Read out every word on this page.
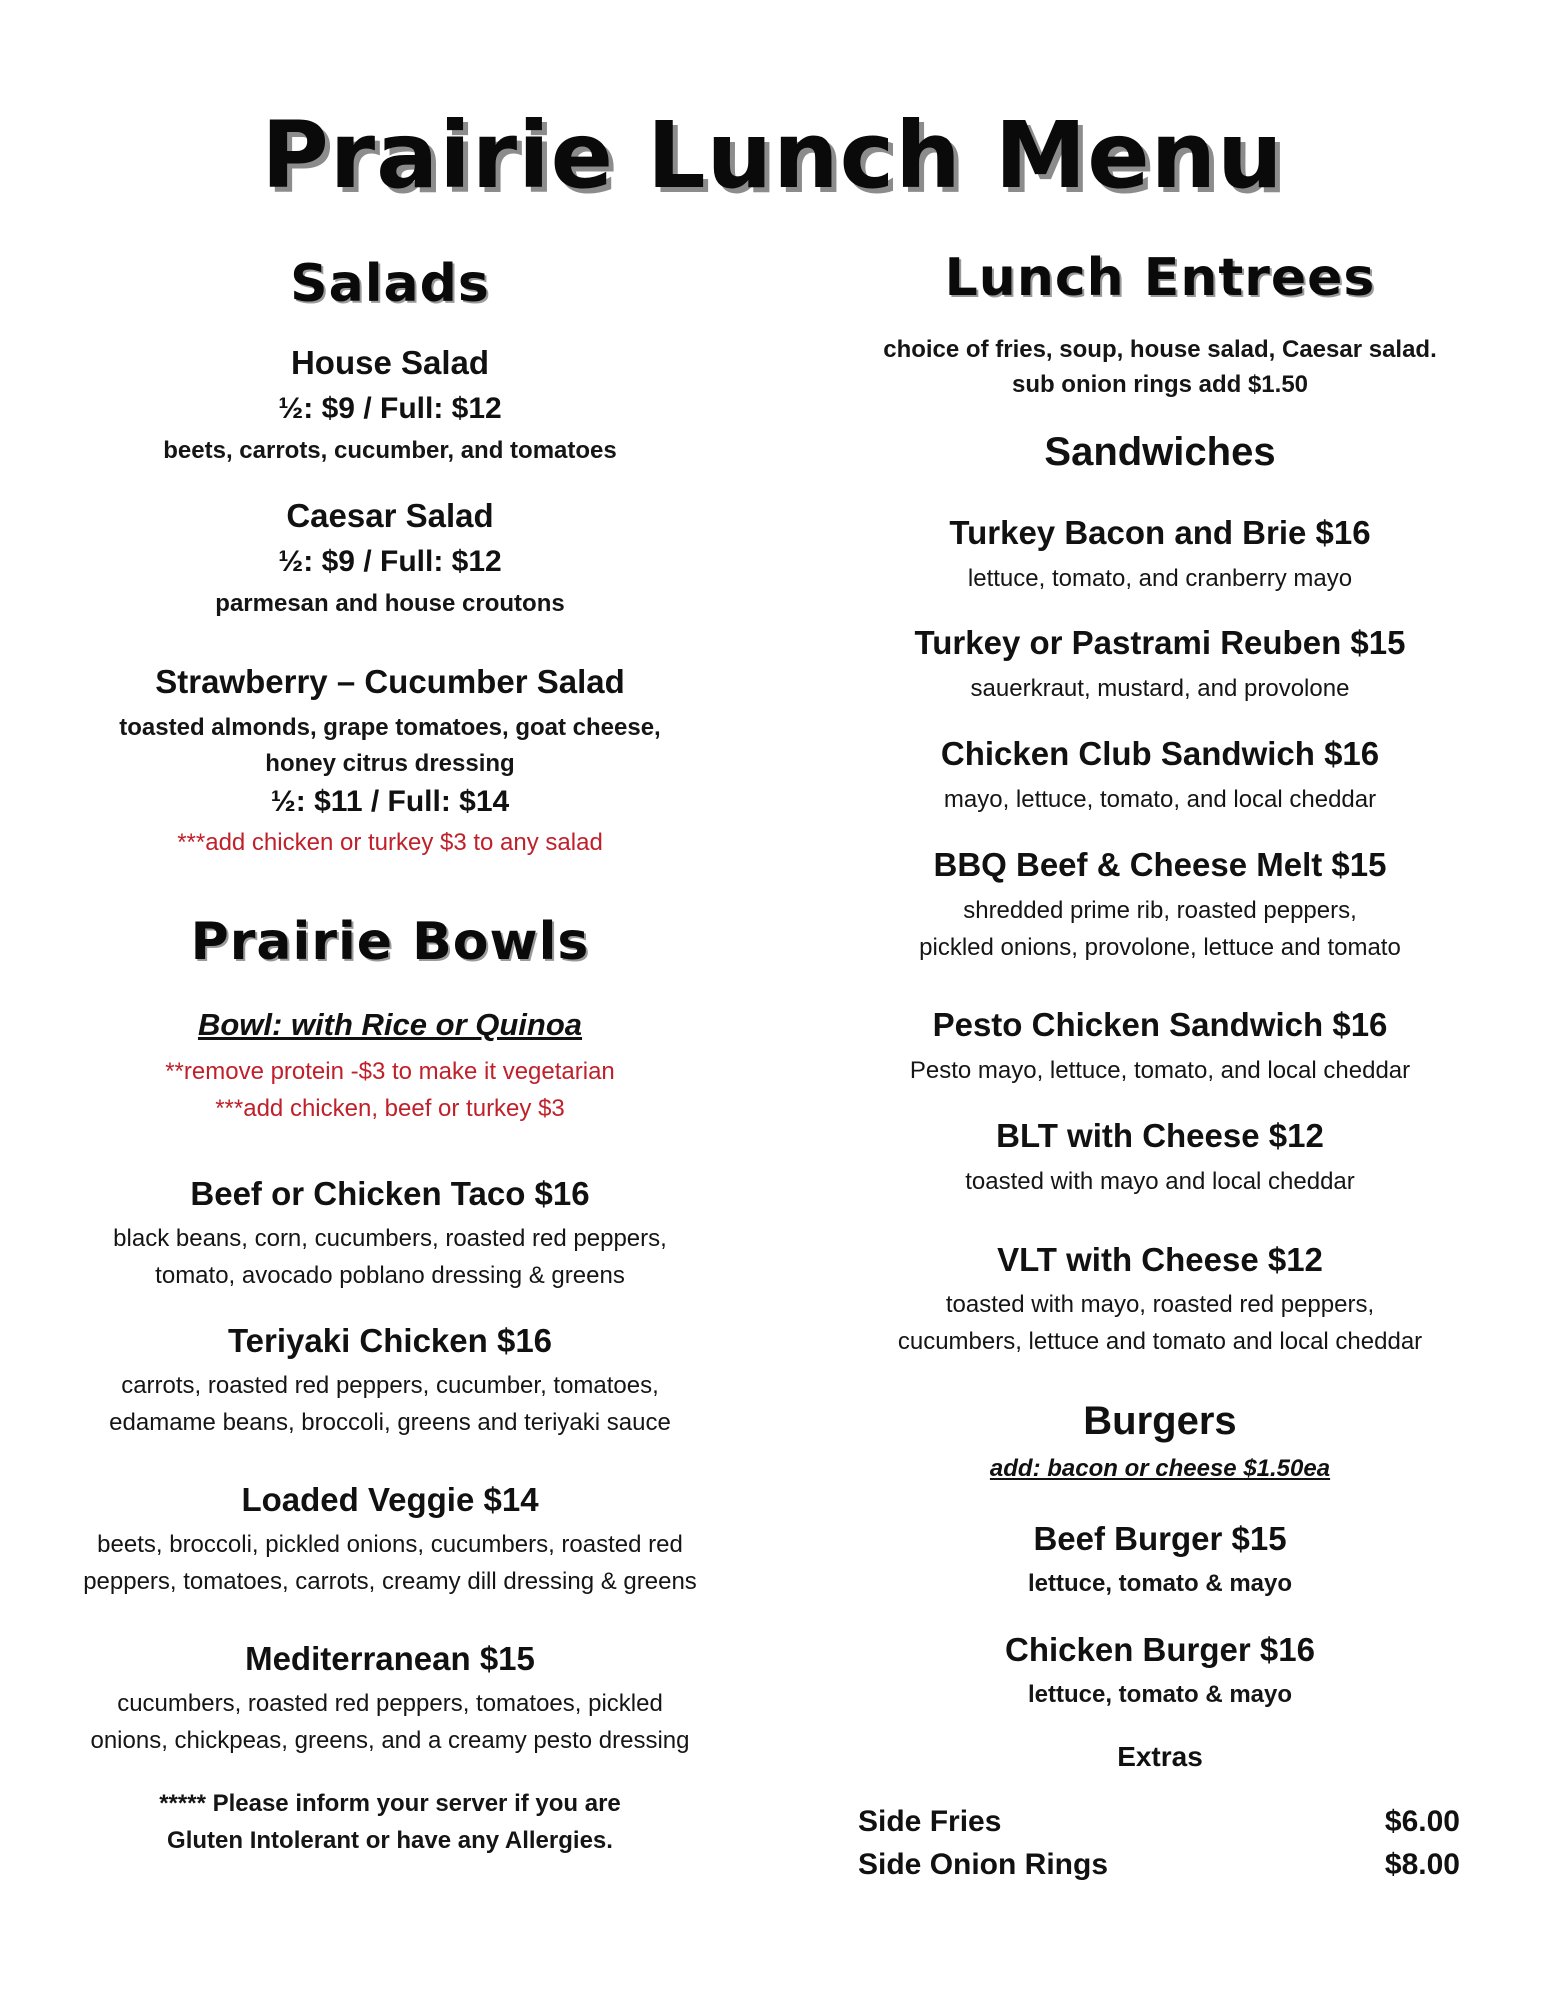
Prairie Lunch Menu
Salads
House Salad
½: $9 / Full: $12
beets, carrots, cucumber, and tomatoes
Caesar Salad
½: $9 / Full: $12
parmesan and house croutons
Strawberry – Cucumber Salad
toasted almonds, grape tomatoes, goat cheese,
honey citrus dressing
½: $11 / Full: $14
***add chicken or turkey $3 to any salad
Prairie Bowls
Bowl: with Rice or Quinoa
**remove protein -$3 to make it vegetarian
***add chicken, beef or turkey $3
Beef or Chicken Taco $16
black beans, corn, cucumbers, roasted red peppers,
tomato, avocado poblano dressing & greens
Teriyaki Chicken $16
carrots, roasted red peppers, cucumber, tomatoes,
edamame beans, broccoli, greens and teriyaki sauce
Loaded Veggie $14
beets, broccoli, pickled onions, cucumbers, roasted red
peppers, tomatoes, carrots, creamy dill dressing & greens
Mediterranean $15
cucumbers, roasted red peppers, tomatoes, pickled
onions, chickpeas, greens, and a creamy pesto dressing
***** Please inform your server if you are
Gluten Intolerant or have any Allergies.
Lunch Entrees
choice of fries, soup, house salad, Caesar salad.
sub onion rings add $1.50
Sandwiches
Turkey Bacon and Brie $16
lettuce, tomato, and cranberry mayo
Turkey or Pastrami Reuben $15
sauerkraut, mustard, and provolone
Chicken Club Sandwich $16
mayo, lettuce, tomato, and local cheddar
BBQ Beef & Cheese Melt $15
shredded prime rib, roasted peppers,
pickled onions, provolone, lettuce and tomato
Pesto Chicken Sandwich $16
Pesto mayo, lettuce, tomato, and local cheddar
BLT with Cheese $12
toasted with mayo and local cheddar
VLT with Cheese $12
toasted with mayo, roasted red peppers,
cucumbers, lettuce and tomato and local cheddar
Burgers
add: bacon or cheese $1.50ea
Beef Burger $15
lettuce, tomato & mayo
Chicken Burger $16
lettuce, tomato & mayo
Extras
Side Fries	$6.00
Side Onion Rings	$8.00
